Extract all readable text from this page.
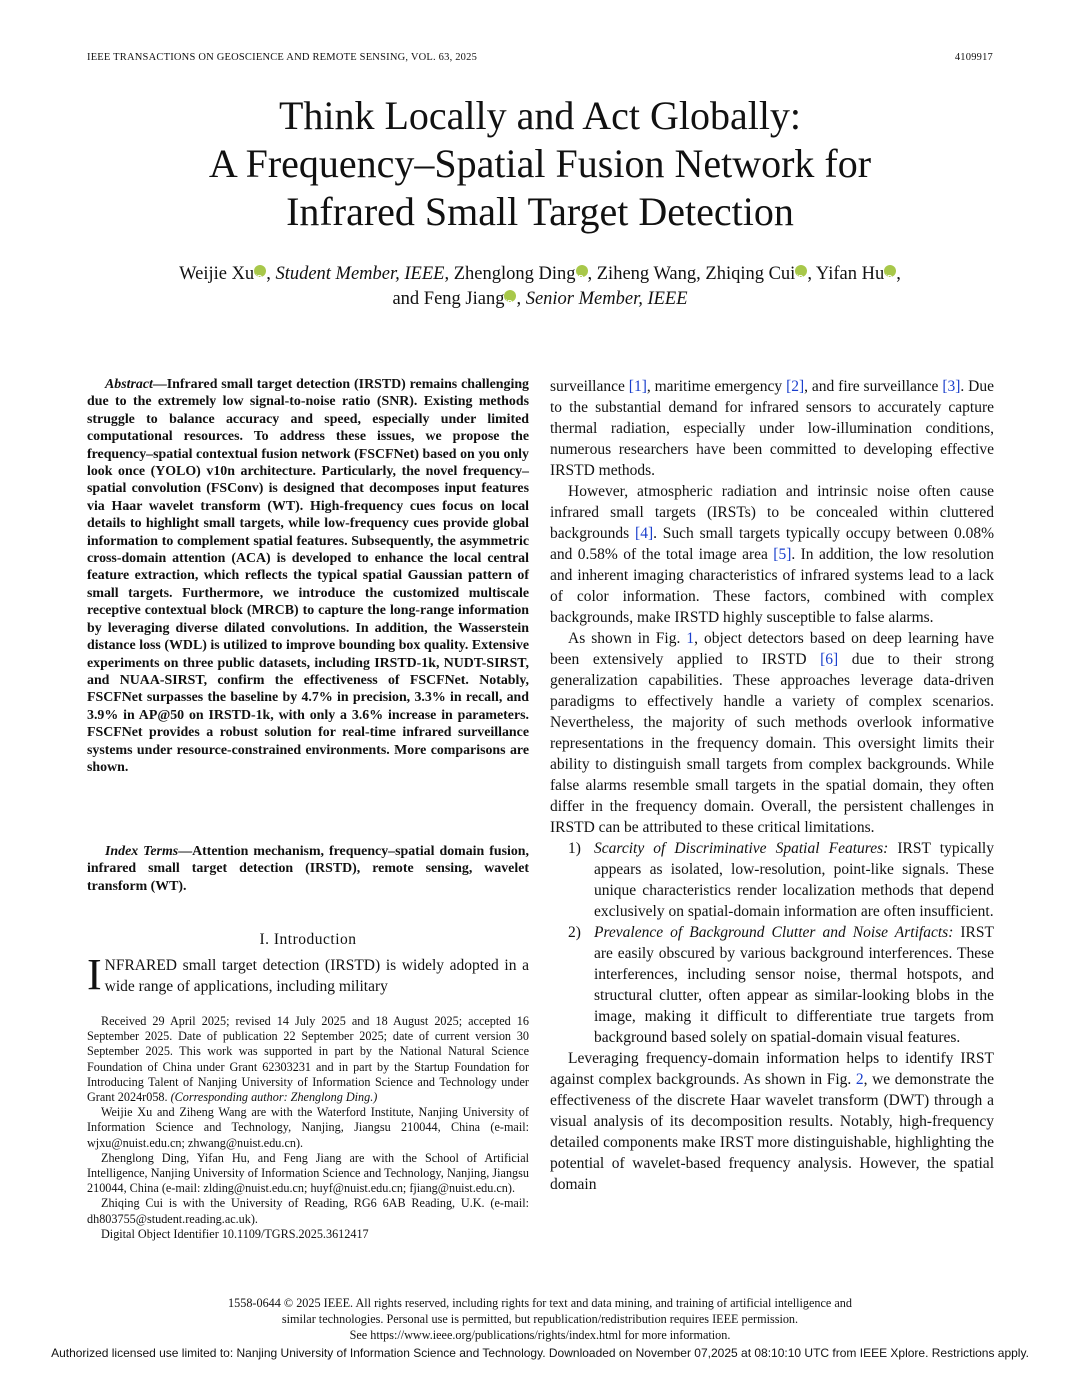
IEEE TRANSACTIONS ON GEOSCIENCE AND REMOTE SENSING, VOL. 63, 2025	4109917
Think Locally and Act Globally:
A Frequency–Spatial Fusion Network for
Infrared Small Target Detection
Weijie Xu iD , Student Member, IEEE, Zhenglong Ding iD , Ziheng Wang, Zhiqing Cui iD , Yifan Hu iD ,
and Feng Jiang iD , Senior Member, IEEE

Abstract—Infrared small target detection (IRSTD) remains challenging due to the extremely low signal-to-noise ratio (SNR). Existing methods struggle to balance accuracy and speed, especially under limited computational resources. To address these issues, we propose the frequency–spatial contextual fusion network (FSCFNet) based on you only look once (YOLO) v10n architecture. Particularly, the novel frequency–spatial convolution (FSConv) is designed that decomposes input features via Haar wavelet transform (WT). High-frequency cues focus on local details to highlight small targets, while low-frequency cues provide global information to complement spatial features. Subsequently, the asymmetric cross-domain attention (ACA) is developed to enhance the local central feature extraction, which reflects the typical spatial Gaussian pattern of small targets. Furthermore, we introduce the customized multiscale receptive contextual block (MRCB) to capture the long-range information by leveraging diverse dilated convolutions. In addition, the Wasserstein distance loss (WDL) is utilized to improve bounding box quality. Extensive experiments on three public datasets, including IRSTD-1k, NUDT-SIRST, and NUAA-SIRST, confirm the effectiveness of FSCFNet. Notably, FSCFNet surpasses the baseline by 4.7% in precision, 3.3% in recall, and 3.9% in AP@50 on IRSTD-1k, with only a 3.6% increase in parameters. FSCFNet provides a robust solution for real-time infrared surveillance systems under resource-constrained environments. More comparisons are shown.

Index Terms—Attention mechanism, frequency–spatial domain fusion, infrared small target detection (IRSTD), remote sensing, wavelet transform (WT).

I. Introduction

INFRARED small target detection (IRSTD) is widely adopted in a wide range of applications, including military

Received 29 April 2025; revised 14 July 2025 and 18 August 2025; accepted 16 September 2025. Date of publication 22 September 2025; date of current version 30 September 2025. This work was supported in part by the National Natural Science Foundation of China under Grant 62303231 and in part by the Startup Foundation for Introducing Talent of Nanjing University of Information Science and Technology under Grant 2024r058. (Corresponding author: Zhenglong Ding.)

Weijie Xu and Ziheng Wang are with the Waterford Institute, Nanjing University of Information Science and Technology, Nanjing, Jiangsu 210044, China (e-mail: wjxu@nuist.edu.cn; zhwang@nuist.edu.cn).

Zhenglong Ding, Yifan Hu, and Feng Jiang are with the School of Artificial Intelligence, Nanjing University of Information Science and Technology, Nanjing, Jiangsu 210044, China (e-mail: zlding@nuist.edu.cn; huyf@nuist.edu.cn; fjiang@nuist.edu.cn).

Zhiqing Cui is with the University of Reading, RG6 6AB Reading, U.K. (e-mail: dh803755@student.reading.ac.uk).

Digital Object Identifier 10.1109/TGRS.2025.3612417

surveillance [1], maritime emergency [2], and fire surveillance [3]. Due to the substantial demand for infrared sensors to accurately capture thermal radiation, especially under low-illumination conditions, numerous researchers have been committed to developing effective IRSTD methods.

However, atmospheric radiation and intrinsic noise often cause infrared small targets (IRSTs) to be concealed within cluttered backgrounds [4]. Such small targets typically occupy between 0.08% and 0.58% of the total image area [5]. In addition, the low resolution and inherent imaging characteristics of infrared systems lead to a lack of color information. These factors, combined with complex backgrounds, make IRSTD highly susceptible to false alarms.

As shown in Fig. 1, object detectors based on deep learning have been extensively applied to IRSTD [6] due to their strong generalization capabilities. These approaches leverage data-driven paradigms to effectively handle a variety of complex scenarios. Nevertheless, the majority of such methods overlook informative representations in the frequency domain. This oversight limits their ability to distinguish small targets from complex backgrounds. While false alarms resemble small targets in the spatial domain, they often differ in the frequency domain. Overall, the persistent challenges in IRSTD can be attributed to these critical limitations.

1) Scarcity of Discriminative Spatial Features: IRST typically appears as isolated, low-resolution, point-like signals. These unique characteristics render localization methods that depend exclusively on spatial-domain information are often insufficient.

2) Prevalence of Background Clutter and Noise Artifacts: IRST are easily obscured by various background interferences. These interferences, including sensor noise, thermal hotspots, and structural clutter, often appear as similar-looking blobs in the image, making it difficult to differentiate true targets from background based solely on spatial-domain visual features.

Leveraging frequency-domain information helps to identify IRST against complex backgrounds. As shown in Fig. 2, we demonstrate the effectiveness of the discrete Haar wavelet transform (DWT) through a visual analysis of its decomposition results. Notably, high-frequency detailed components make IRST more distinguishable, highlighting the potential of wavelet-based frequency analysis. However, the spatial domain

1558-0644 © 2025 IEEE. All rights reserved, including rights for text and data mining, and training of artificial intelligence and
similar technologies. Personal use is permitted, but republication/redistribution requires IEEE permission.
See https://www.ieee.org/publications/rights/index.html for more information.
Authorized licensed use limited to: Nanjing University of Information Science and Technology. Downloaded on November 07,2025 at 08:10:10 UTC from IEEE Xplore. Restrictions apply.
